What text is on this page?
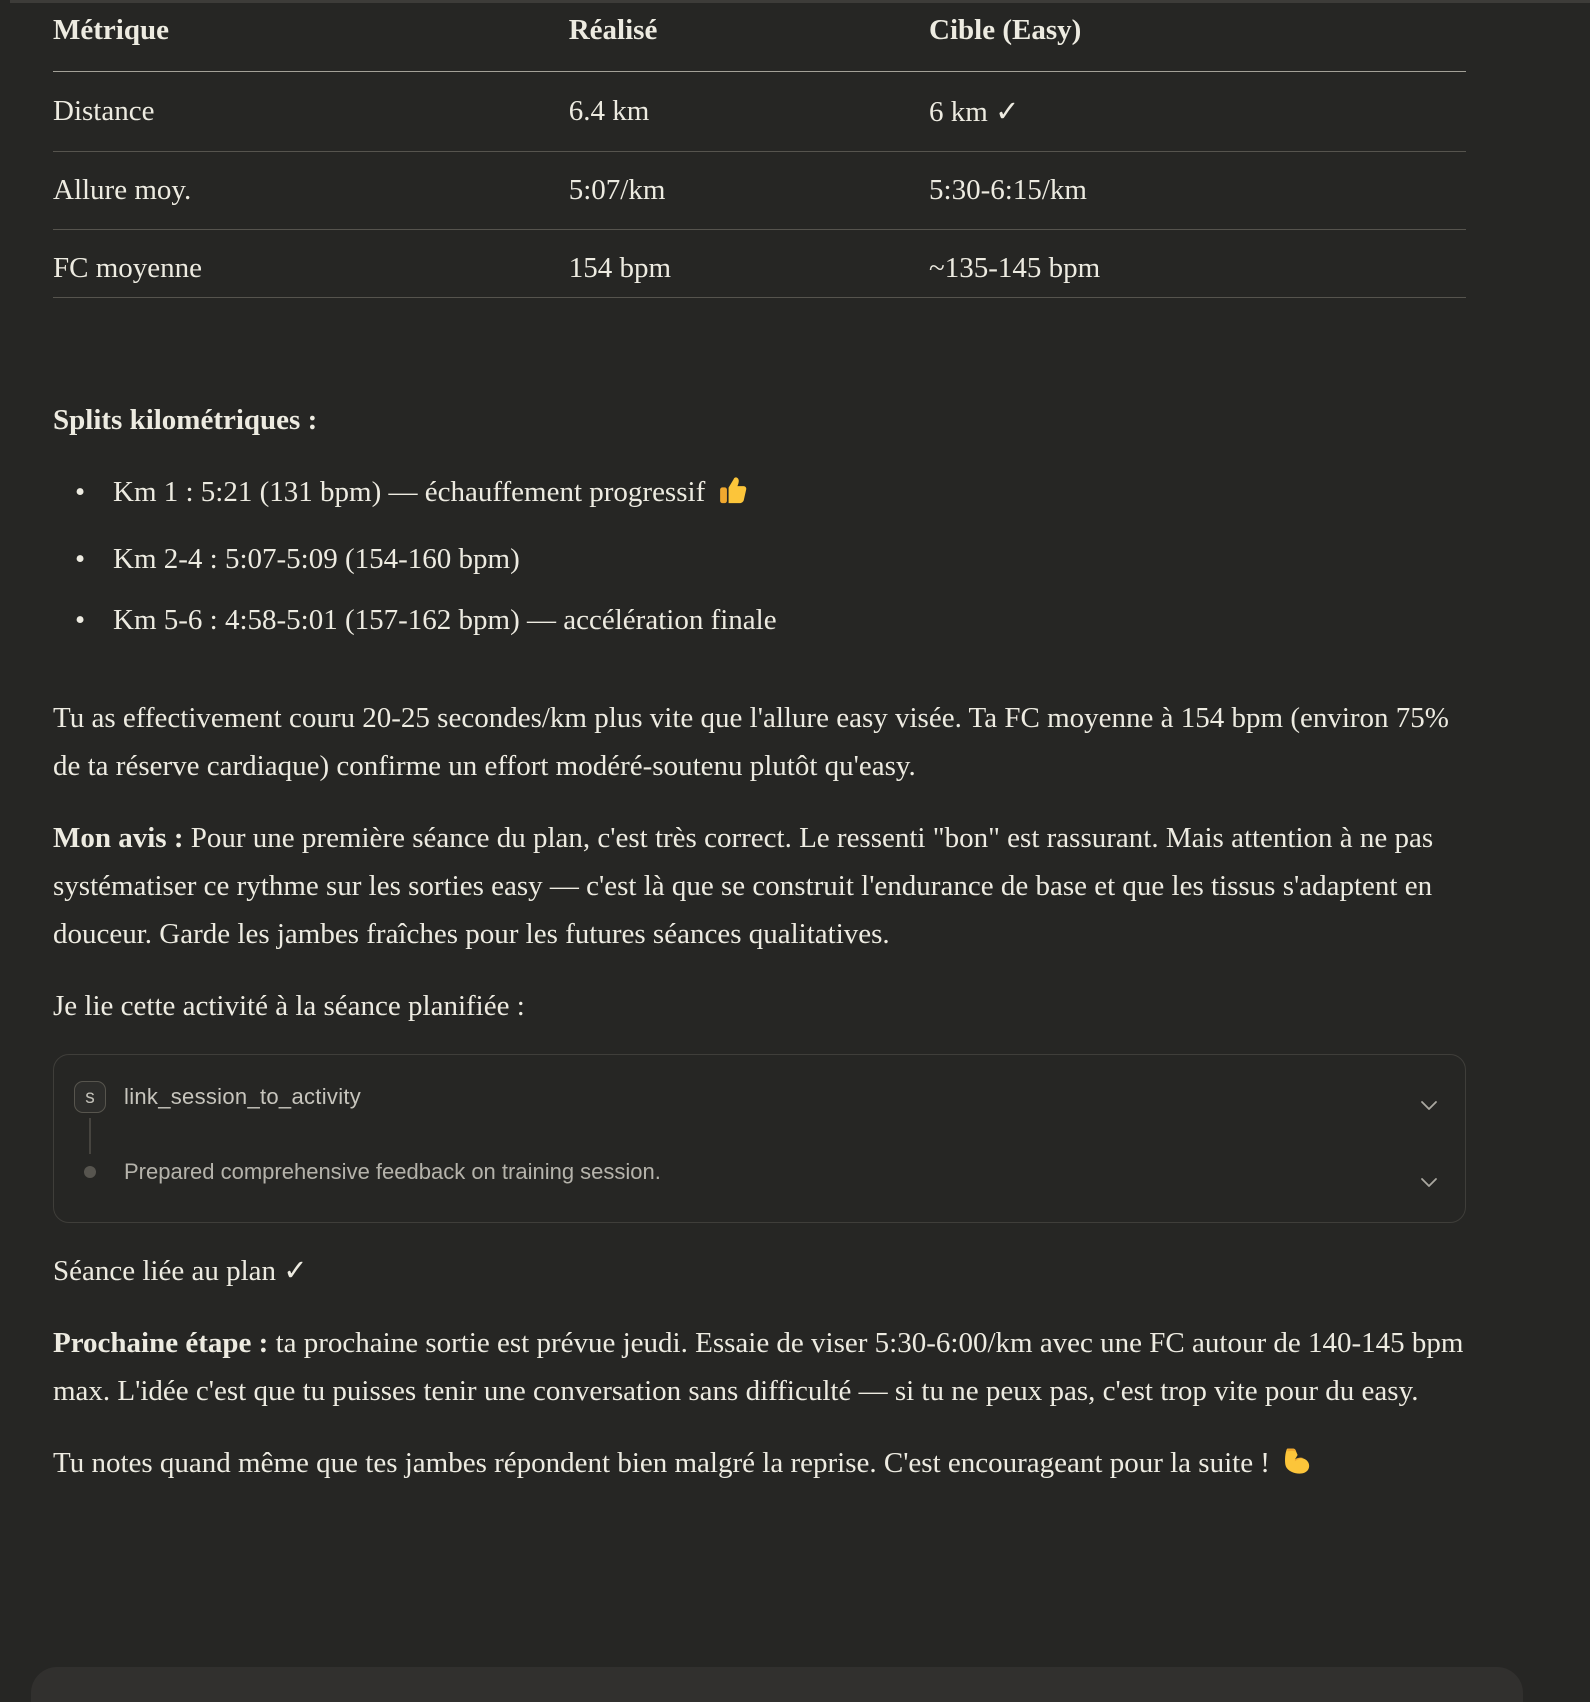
Métrique	Réalisé	Cible (Easy)
Distance	6.4 km	6 km ✓
Allure moy.	5:07/km	5:30-6:15/km
FC moyenne	154 bpm	~135-145 bpm
Splits kilométriques :
• Km 1 : 5:21 (131 bpm) — échauffement progressif
• Km 2-4 : 5:07-5:09 (154-160 bpm)
• Km 5-6 : 4:58-5:01 (157-162 bpm) — accélération finale

Tu as effectivement couru 20-25 secondes/km plus vite que l'allure easy visée. Ta FC moyenne à 154 bpm (environ 75% de ta réserve cardiaque) confirme un effort modéré-soutenu plutôt qu'easy.

Mon avis : Pour une première séance du plan, c'est très correct. Le ressenti "bon" est rassurant. Mais attention à ne pas systématiser ce rythme sur les sorties easy — c'est là que se construit l'endurance de base et que les tissus s'adaptent en douceur. Garde les jambes fraîches pour les futures séances qualitatives.

Je lie cette activité à la séance planifiée :

s	link_session_to_activity
Prepared comprehensive feedback on training session.

Séance liée au plan ✓

Prochaine étape : ta prochaine sortie est prévue jeudi. Essaie de viser 5:30-6:00/km avec une FC autour de 140-145 bpm max. L'idée c'est que tu puisses tenir une conversation sans difficulté — si tu ne peux pas, c'est trop vite pour du easy.

Tu notes quand même que tes jambes répondent bien malgré la reprise. C'est encourageant pour la suite !
